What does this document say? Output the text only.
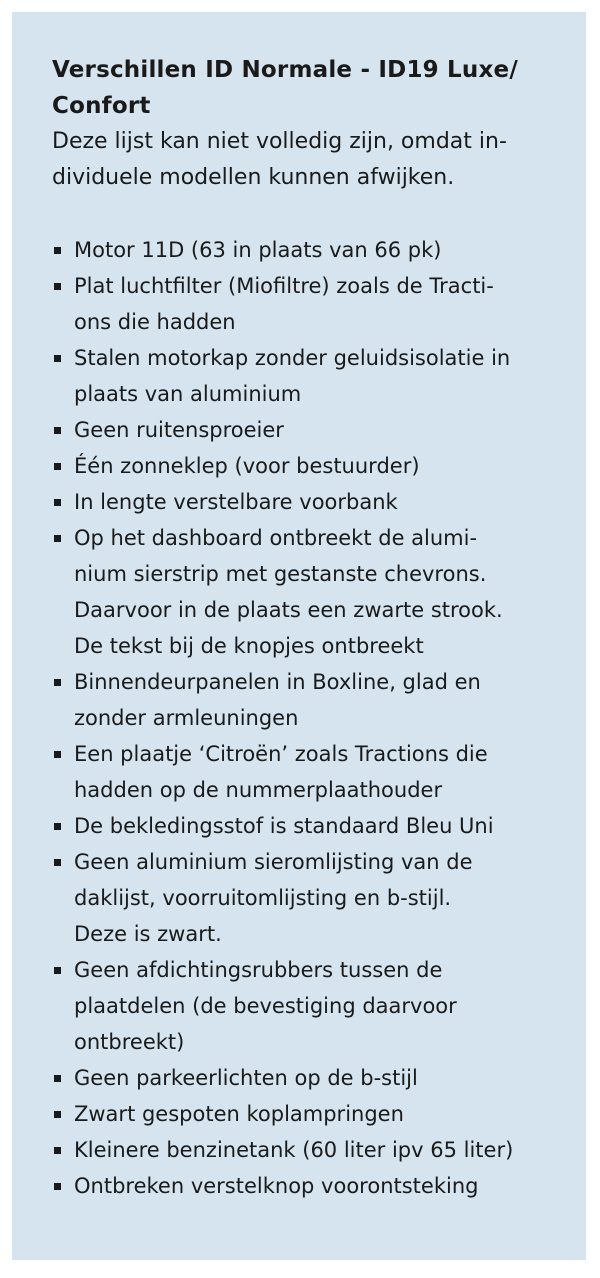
Verschillen ID Normale - ID19 Luxe/
Confort

Deze lijst kan niet volledig zijn, omdat in-
dividuele modellen kunnen afwijken.

Motor 11D (63 in plaats van 66 pk)
Plat luchtfilter (Miofiltre) zoals de Tracti-
ons die hadden
Stalen motorkap zonder geluidsisolatie in
plaats van aluminium
Geen ruitensproeier
Één zonneklep (voor bestuurder)
In lengte verstelbare voorbank
Op het dashboard ontbreekt de alumi-
nium sierstrip met gestanste chevrons.
Daarvoor in de plaats een zwarte strook.
De tekst bij de knopjes ontbreekt
Binnendeurpanelen in Boxline, glad en
zonder armleuningen
Een plaatje ‘Citroën’ zoals Tractions die
hadden op de nummerplaathouder
De bekledingsstof is standaard Bleu Uni
Geen aluminium sieromlijsting van de
daklijst, voorruitomlijsting en b-stijl.
Deze is zwart.
Geen afdichtingsrubbers tussen de
plaatdelen (de bevestiging daarvoor
ontbreekt)
Geen parkeerlichten op de b-stijl
Zwart gespoten koplampringen
Kleinere benzinetank (60 liter ipv 65 liter)
Ontbreken verstelknop voorontsteking
